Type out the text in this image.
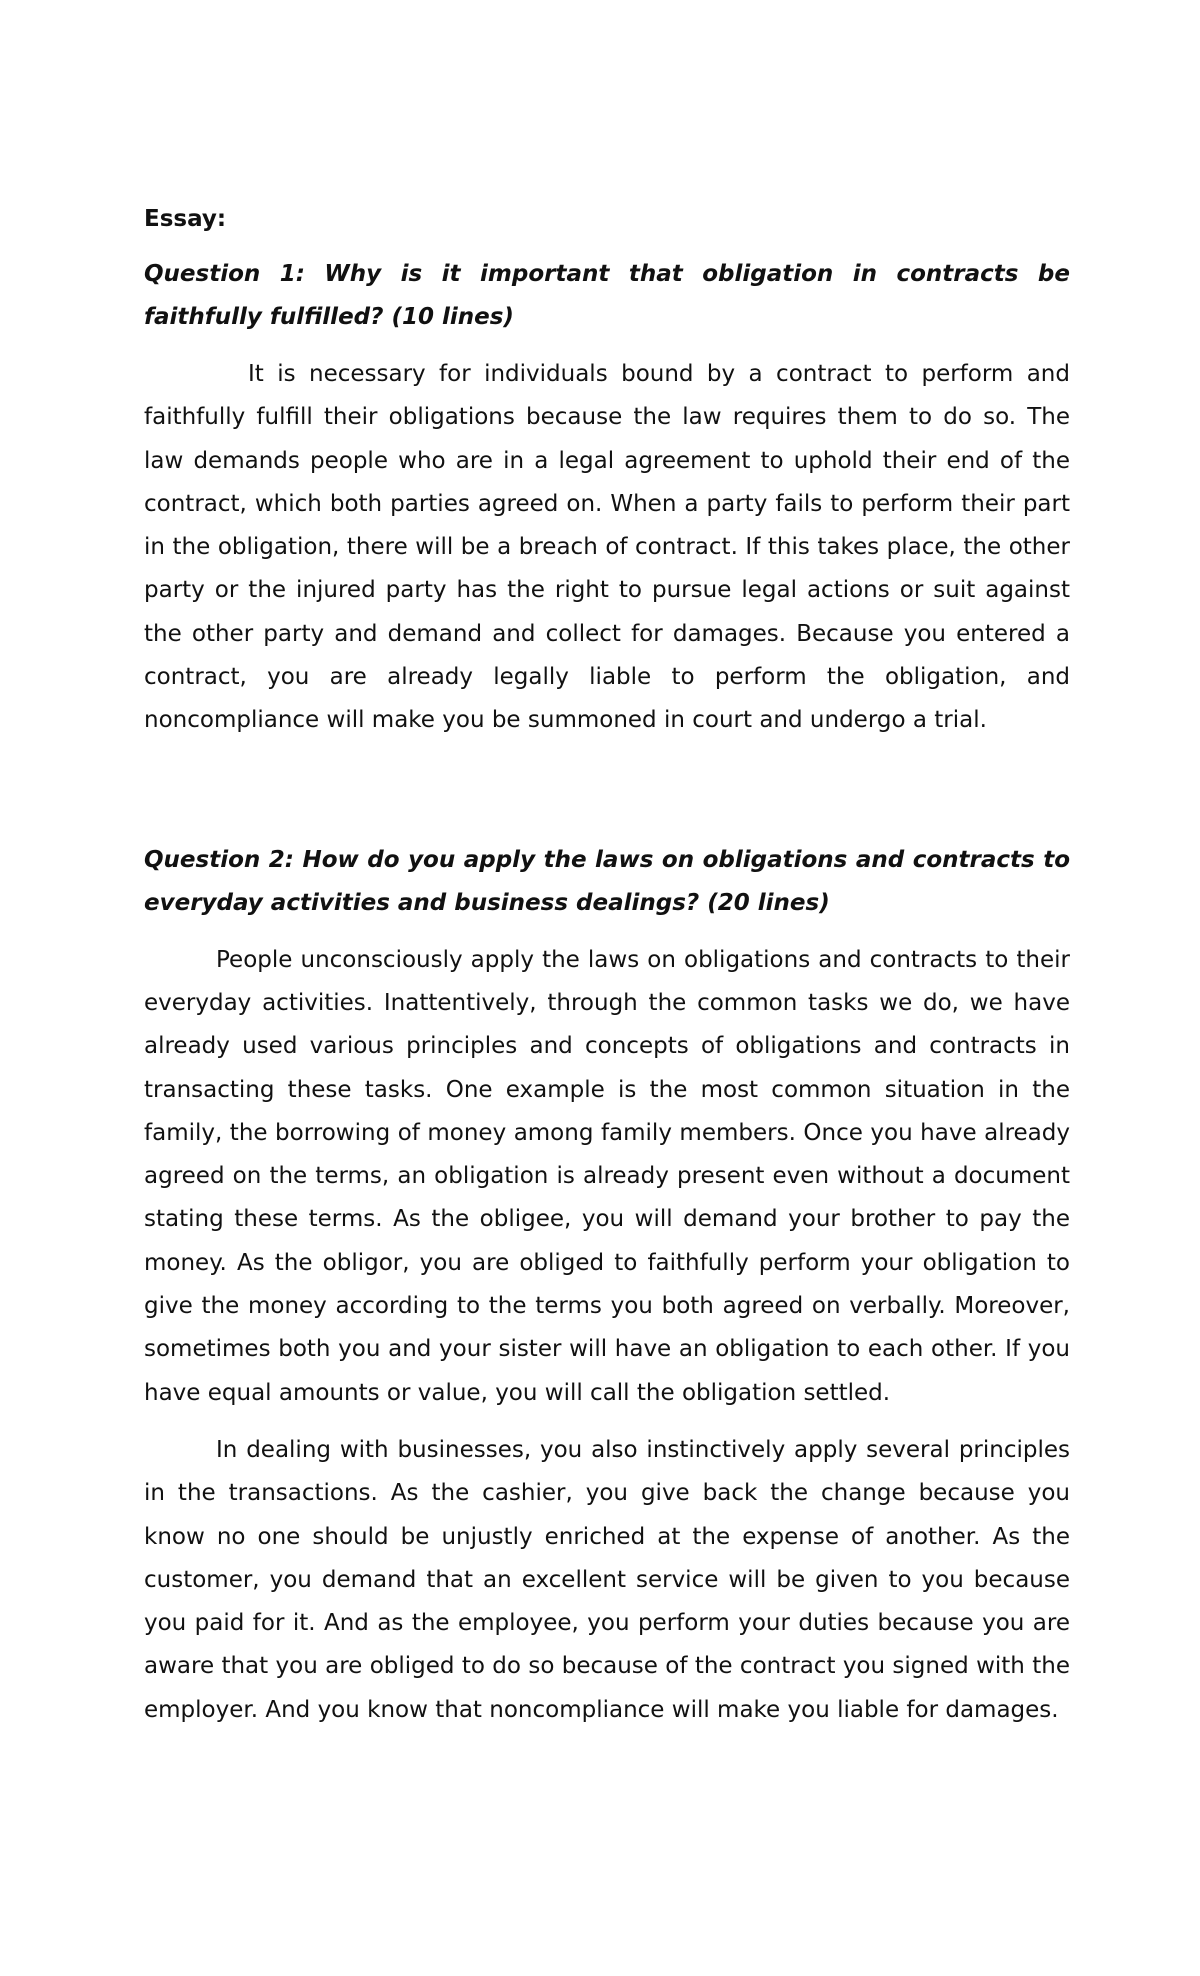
Essay:
Question 1: Why is it important that obligation in contracts be faithfully fulfilled? (10 lines)

It is necessary for individuals bound by a contract to perform and faithfully fulfill their obligations because the law requires them to do so. The law demands people who are in a legal agreement to uphold their end of the contract, which both parties agreed on. When a party fails to perform their part in the obligation, there will be a breach of contract. If this takes place, the other party or the injured party has the right to pursue legal actions or suit against the other party and demand and collect for damages. Because you entered a contract, you are already legally liable to perform the obligation, and noncompliance will make you be summoned in court and undergo a trial.

Question 2: How do you apply the laws on obligations and contracts to everyday activities and business dealings? (20 lines)

People unconsciously apply the laws on obligations and contracts to their everyday activities. Inattentively, through the common tasks we do, we have already used various principles and concepts of obligations and contracts in transacting these tasks. One example is the most common situation in the family, the borrowing of money among family members. Once you have already agreed on the terms, an obligation is already present even without a document stating these terms. As the obligee, you will demand your brother to pay the money. As the obligor, you are obliged to faithfully perform your obligation to give the money according to the terms you both agreed on verbally. Moreover, sometimes both you and your sister will have an obligation to each other. If you have equal amounts or value, you will call the obligation settled.

In dealing with businesses, you also instinctively apply several principles in the transactions. As the cashier, you give back the change because you know no one should be unjustly enriched at the expense of another. As the customer, you demand that an excellent service will be given to you because you paid for it. And as the employee, you perform your duties because you are aware that you are obliged to do so because of the contract you signed with the employer. And you know that noncompliance will make you liable for damages.
